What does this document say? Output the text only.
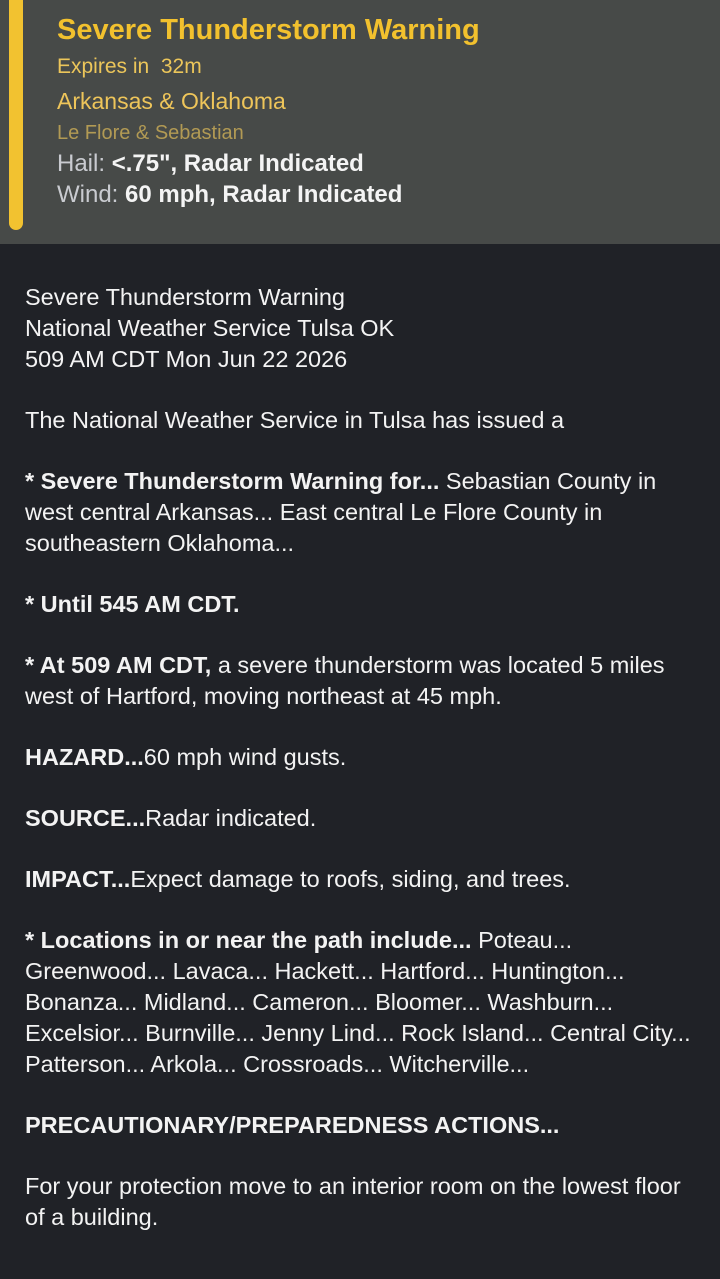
Severe Thunderstorm Warning
Expires in 32m
Arkansas & Oklahoma
Le Flore & Sebastian
Hail: <.75", Radar Indicated
Wind: 60 mph, Radar Indicated

Severe Thunderstorm Warning
National Weather Service Tulsa OK
509 AM CDT Mon Jun 22 2026

The National Weather Service in Tulsa has issued a

* Severe Thunderstorm Warning for... Sebastian County in west central Arkansas... East central Le Flore County in southeastern Oklahoma...

* Until 545 AM CDT.

* At 509 AM CDT, a severe thunderstorm was located 5 miles west of Hartford, moving northeast at 45 mph.

HAZARD...60 mph wind gusts.

SOURCE...Radar indicated.

IMPACT...Expect damage to roofs, siding, and trees.

* Locations in or near the path include... Poteau... Greenwood... Lavaca... Hackett... Hartford... Huntington... Bonanza... Midland... Cameron... Bloomer... Washburn... Excelsior... Burnville... Jenny Lind... Rock Island... Central City... Patterson... Arkola... Crossroads... Witcherville...

PRECAUTIONARY/PREPAREDNESS ACTIONS...

For your protection move to an interior room on the lowest floor of a building.
